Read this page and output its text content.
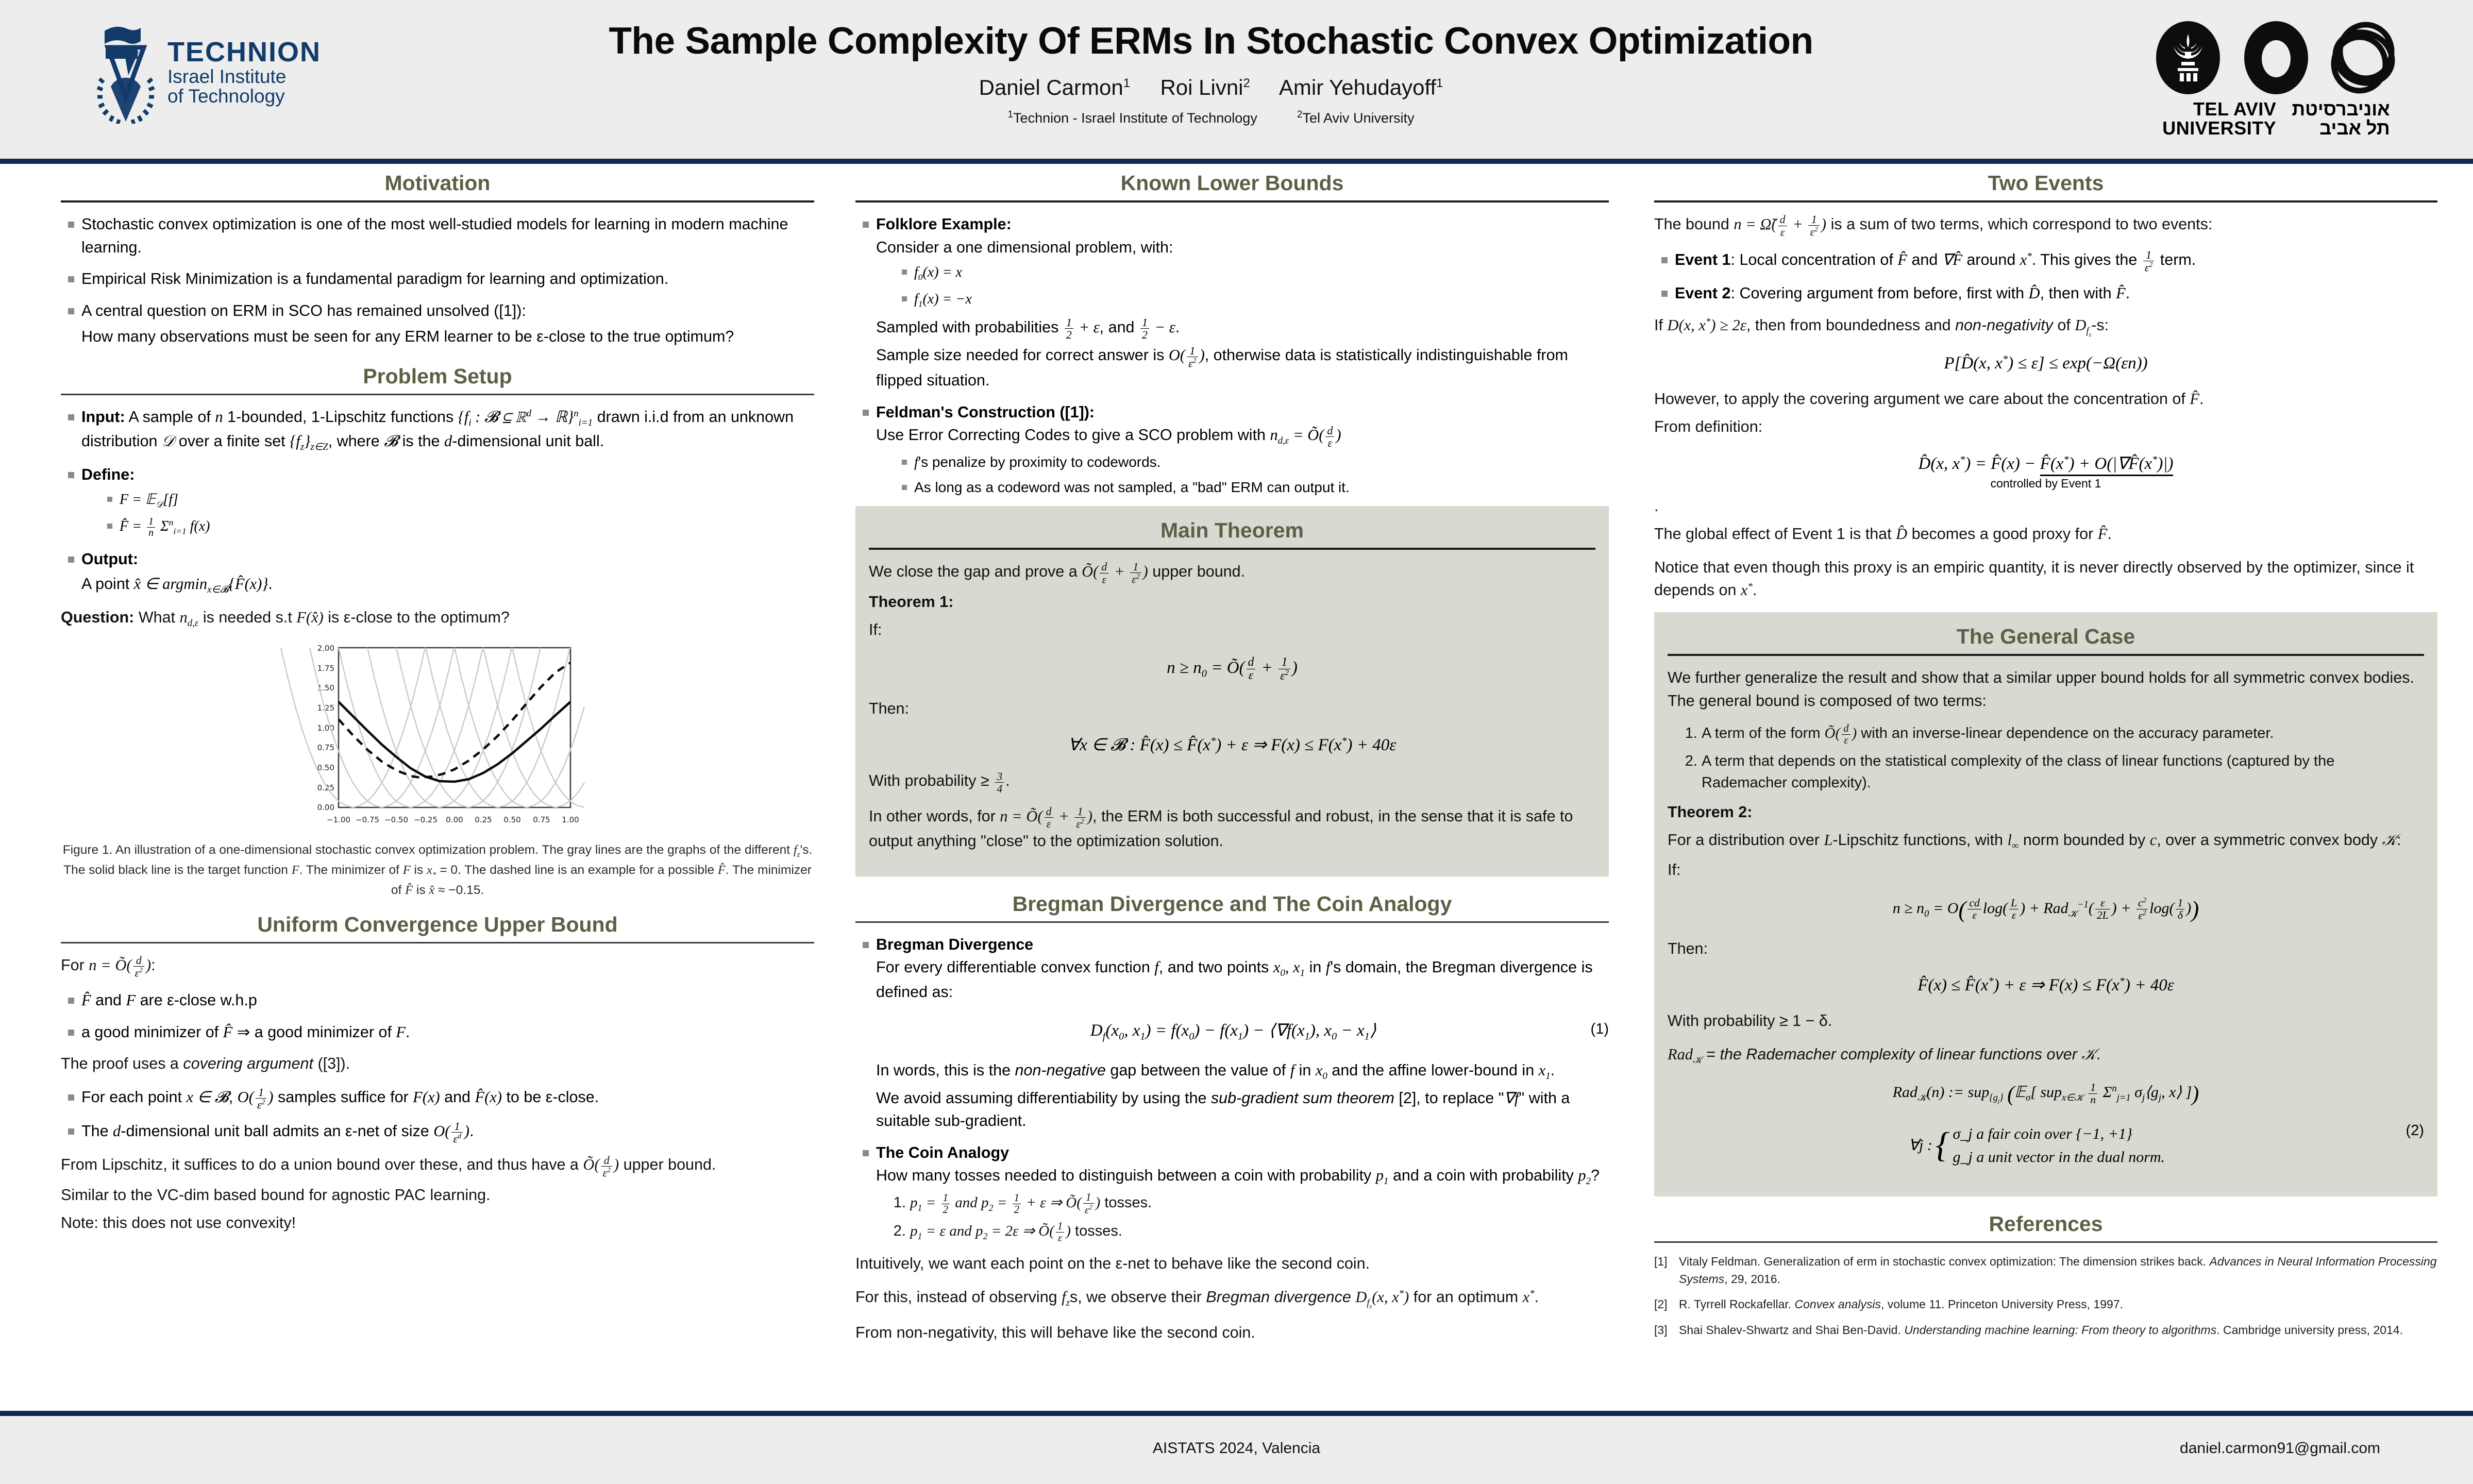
TECHNION
Israel Institute
of Technology
The Sample Complexity Of ERMs In Stochastic Convex Optimization
Daniel Carmon$^1$ Roi Livni$^2$ Amir Yehudayoff$^1$
$^1$Technion - Israel Institute of Technology	$^2$Tel Aviv University	TEL AVIV
UNIVERSITY
אוניברסיטת
תל אביב
Motivation
Stochastic convex optimization is one of the most well-studied models for learning in modern machine learning.
Empirical Risk Minimization is a fundamental paradigm for learning and optimization.
A central question on ERM in SCO has remained unsolved ([1]):
How many observations must be seen for any ERM learner to be ε-close to the true optimum?
Problem Setup
Input: A sample of n 1-bounded, 1-Lipschitz functions {$f_i$ : 𝓑 ⊆ ℝ$^d$ → ℝ}$^n_{i=1}$ drawn i.i.d from an unknown distribution 𝒟 over a finite set $\{f_z\}_{z\in Z}$, where 𝓑 is the d-dimensional unit ball.
Define:
F = 𝔼$_𝒟$[f]
F̂ = $\frac{1}{n} \Sigma^n_{i=1}$ f(x)
Output:
A point x̂ ∈ argmin$_{x\in 𝓑}${F̂(x)}.
Question: What $n_{d,\varepsilon}$ is needed s.t F(x̂) is ε-close to the optimum?
2.00
1.75
1.50
1.25
1.00
0.75
0.50
0.25
0.00
−1.00 −0.75 −0.50 −0.25 0.00 0.25 0.50 0.75 1.00
Figure 1. An illustration of a one-dimensional stochastic convex optimization problem. The gray lines are the graphs of the different $f_z's$. The solid black line is the target function F. The minimizer of F is $x_* = 0$. The dashed line is an example for a possible F̂. The minimizer of F̂ is x̂ ≈ −0.15.
Uniform Convergence Upper Bound
For n = Õ( $\frac{d}{\varepsilon^2}$ ):
F̂ and F are ε-close w.h.p
a good minimizer of F̂ ⇒ a good minimizer of F.
The proof uses a covering argument ([3]).
For each point x ∈ 𝓑, $O( \frac{1}{\varepsilon^2}$ ) samples suffice for F(x) and F̂(x) to be ε-close.
The d-dimensional unit ball admits an ε-net of size $O( \frac{1}{\varepsilon^d}$ ).
From Lipschitz, it suffices to do a union bound over these, and thus have a Õ( $\frac{d}{\varepsilon^2}$ ) upper bound.
Similar to the VC-dim based bound for agnostic PAC learning.
Note: this does not use convexity!
Known Lower Bounds
Folklore Example:
Consider a one dimensional problem, with:
$f_0(x) = x$
$f_1(x) = -x$
Sampled with probabilities $\frac{1}{2} + \varepsilon$, and $\frac{1}{2} - \varepsilon$.
Sample size needed for correct answer is $O( \frac{1}{\varepsilon^2}$ ), otherwise data is statistically indistinguishable from flipped situation.
Feldman's Construction ([1]):
Use Error Correcting Codes to give a SCO problem with $n_{d,\varepsilon}$ = Õ( $\frac{d}{\varepsilon}$ )
f's penalize by proximity to codewords.
As long as a codeword was not sampled, a "bad" ERM can output it.
Main Theorem
We close the gap and prove a Õ( $\frac{d}{\varepsilon} + \frac{1}{\varepsilon^2}$ ) upper bound.
Theorem 1:
If:
$n \ge n_0$ = Õ( $\frac{d}{\varepsilon} + \frac{1}{\varepsilon^2}$ )
Then:
∀x ∈ 𝓑 : F̂(x) ≤ F̂(x*) + ε ⇒ F(x) ≤ F(x*) + 40ε
With probability ≥ $\frac{3}{4}$ .
In other words, for n = Õ( $\frac{d}{\varepsilon} + \frac{1}{\varepsilon^2}$ ), the ERM is both successful and robust, in the sense that it is safe to output anything "close" to the optimization solution.
Bregman Divergence and The Coin Analogy
Bregman Divergence
For every differentiable convex function f, and two points $x_0$, $x_1$ in f's domain, the Bregman divergence is defined as:
(1)
$D_f(x_0$, $x_1) = f(x_0) - f(x_1)$ − $⟨\nabla f(x_1)$, $x_0$ − $x_1⟩$
In words, this is the non-negative gap between the value of f in $x_0$ and the affine lower-bound in $x_1$.
We avoid assuming differentiability by using the sub-gradient sum theorem [2], to replace "∇f" with a suitable sub-gradient.
The Coin Analogy
How many tosses needed to distinguish between a coin with probability $p_1$ and a coin with probability $p_2$?
1. $p_1 = \frac{1}{2}$ and $p_2 = \frac{1}{2} + \varepsilon$ ⇒ Õ( $\frac{1}{\varepsilon^2}$ ) tosses.
2. $p_1 = \varepsilon$ and $p_2 = 2\varepsilon$ ⇒ Õ( $\frac{1}{\varepsilon}$ ) tosses.
Intuitively, we want each point on the ε-net to behave like the second coin.
For this, instead of observing $f_zs$, we observe their Bregman divergence $D_{f_z}(x$, x*) for an optimum x*.
From non-negativity, this will behave like the second coin.
Two Events
The bound n = Ω̃( $\frac{d}{\varepsilon} + \frac{1}{\varepsilon^2}$ ) is a sum of two terms, which correspond to two events:
Event 1: Local concentration of F̂ and ∇F̂ around x*. This gives the $\frac{1}{\varepsilon^2}$ term.
Event 2: Covering argument from before, first with D̂, then with F̂.
If D(x, x*) ≥ 2ε, then from boundedness and non-negativity of $D_{f_z}-s$:
P[D̂(x, x*) ≤ ε] ≤ exp(−Ω(εn))
However, to apply the covering argument we care about the concentration of F̂.
From definition:
D̂(x, x*) = F̂(x) − F̂(x*) + O(|∇F̂(x*)|)
controlled by Event 1
.
The global effect of Event 1 is that D̂ becomes a good proxy for F̂.
Notice that even though this proxy is an empiric quantity, it is never directly observed by the optimizer, since it depends on x*.
The General Case
We further generalize the result and show that a similar upper bound holds for all symmetric convex bodies. The general bound is composed of two terms:
1. A term of the form Õ( $\frac{d}{\varepsilon}$ ) with an inverse-linear dependence on the accuracy parameter.
2. A term that depends on the statistical complexity of the class of linear functions (captured by the Rademacher complexity).
Theorem 2:
For a distribution over L-Lipschitz functions, with $l_\infty$ norm bounded by c, over a symmetric convex body 𝒦:
If:
$n \ge n_0 = O( \frac{cd}{\varepsilon} \log( \frac{L}{\varepsilon}$ ) + $Rad_𝒦^{-1}( \frac{\varepsilon}{2L}$ ) + $\frac{c^2}{\varepsilon^2} \log( \frac{1}{\delta}$ ))
Then:
F̂(x) ≤ F̂(x*) + ε ⇒ F(x) ≤ F(x*) + 40ε
With probability ≥ 1 − δ.
Rad$_𝒦$ = the Rademacher complexity of linear functions over 𝒦.
Rad$_𝒦$(n) := sup$_{\{g_j\}}$ (𝔼$_\sigma$[ $sup_{x\in 𝒦} \frac{1}{n} \Sigma^n_{j=1}$ $\sigma_j⟨g_j$, x⟩ ])
(2)
∀j : { σ_j a fair coin over {−1, +1}
g_j a unit vector in the dual norm.
References
[1] Vitaly Feldman. Generalization of erm in stochastic convex optimization: The dimension strikes back. Advances in Neural Information Processing Systems, 29, 2016.
[2] R. Tyrrell Rockafellar. Convex analysis, volume 11. Princeton University Press, 1997.
[3] Shai Shalev-Shwartz and Shai Ben-David. Understanding machine learning: From theory to algorithms. Cambridge university press, 2014.
AISTATS 2024, Valencia	daniel.carmon91@gmail.com
